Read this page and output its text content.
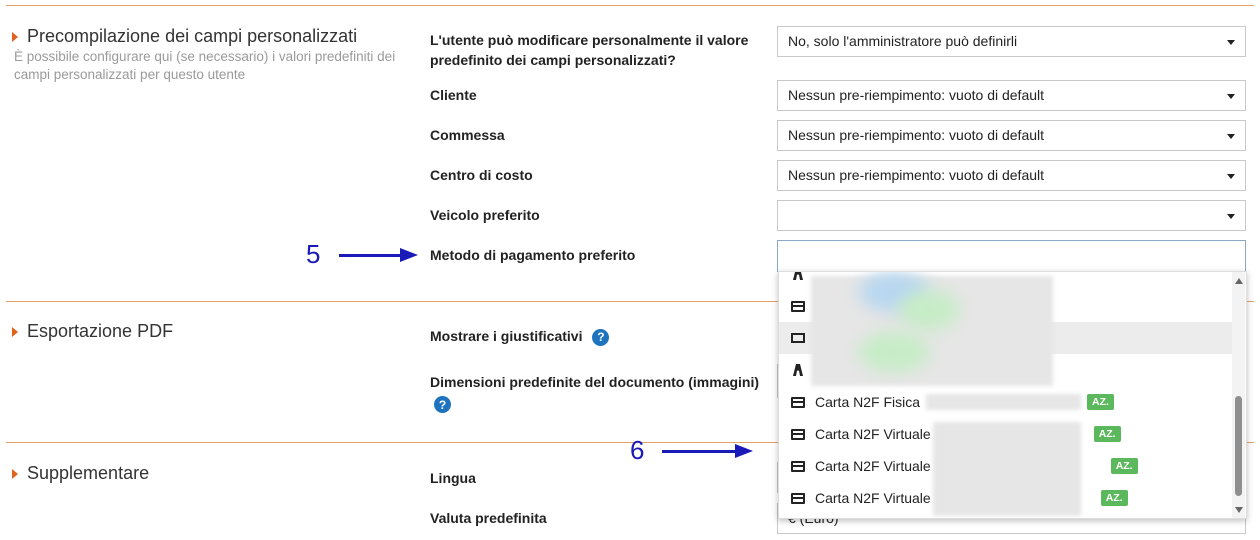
Precompilazione dei campi personalizzati
È possibile configurare qui (se necessario) i valori predefiniti dei campi personalizzati per questo utente
L'utente può modificare personalmente il valore predefinito dei campi personalizzati?
No, solo l'amministratore può definirli
Cliente	Nessun pre-riempimento: vuoto di default
Commessa	Nessun pre-riempimento: vuoto di default
Centro di costo	Nessun pre-riempimento: vuoto di default
Veicolo preferito
5	Metodo di pagamento preferito
Esportazione PDF	Mostrare i giustificativi ?
Dimensioni predefinite del documento (immagini)
?
Supplementare	Lingua
Valuta predefinita
6
Carta N2F Fisica	AZ.
Carta N2F Virtuale	AZ.
Carta N2F Virtuale	AZ.
Carta N2F Virtuale	AZ.
